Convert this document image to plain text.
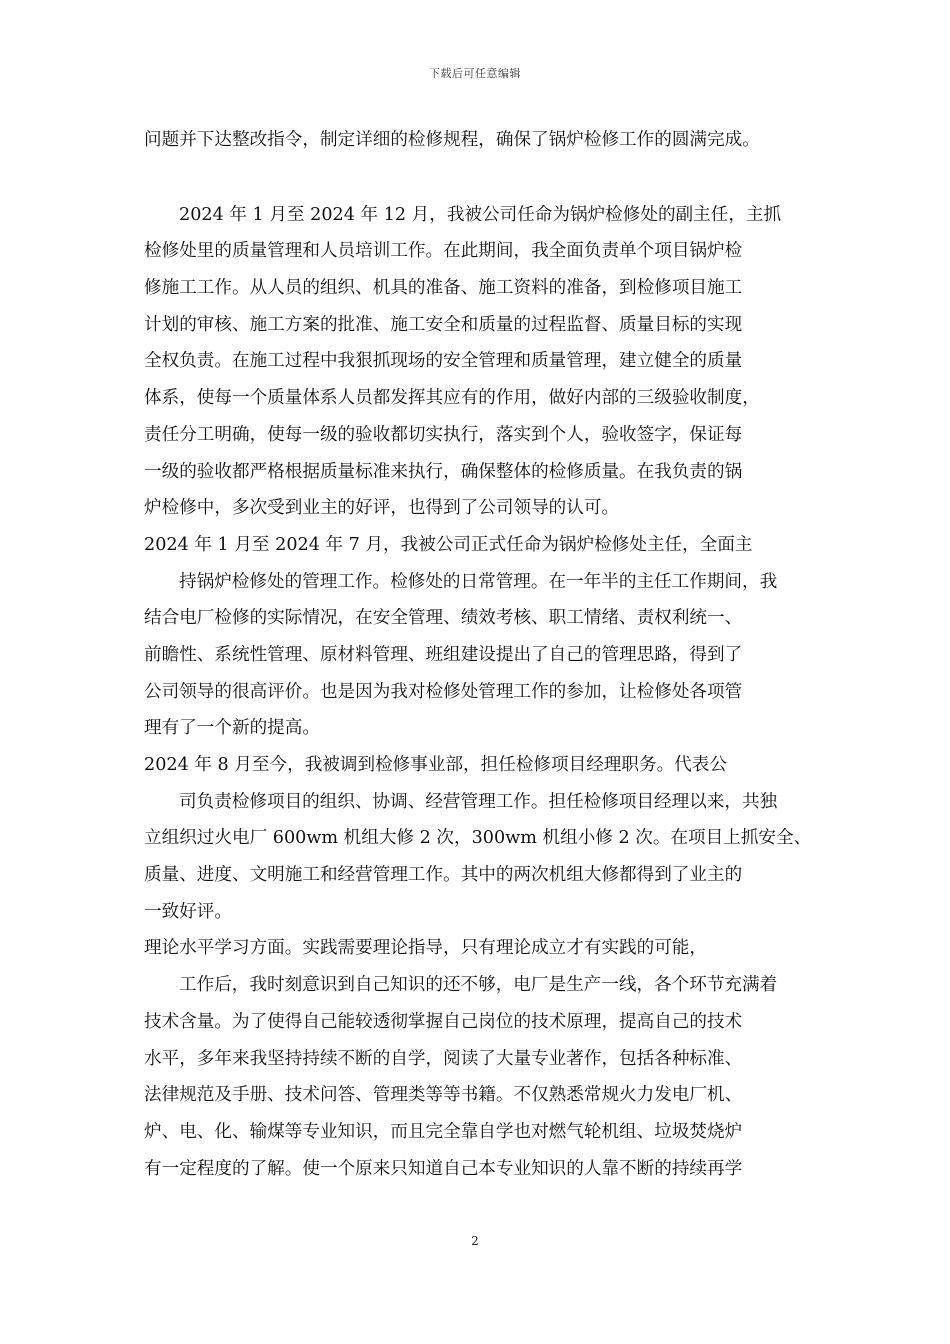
下载后可任意编辑
问题并下达整改指令，制定详细的检修规程，确保了锅炉检修工作的圆满完成。
2024 年 1 月至 2024 年 12 月，我被公司任命为锅炉检修处的副主任，主抓
检修处里的质量管理和人员培训工作。在此期间，我全面负责单个项目锅炉检
修施工工作。从人员的组织、机具的准备、施工资料的准备，到检修项目施工
计划的审核、施工方案的批准、施工安全和质量的过程监督、质量目标的实现
全权负责。在施工过程中我狠抓现场的安全管理和质量管理，建立健全的质量
体系，使每一个质量体系人员都发挥其应有的作用，做好内部的三级验收制度，
责任分工明确，使每一级的验收都切实执行，落实到个人，验收签字，保证每
一级的验收都严格根据质量标准来执行，确保整体的检修质量。在我负责的锅
炉检修中，多次受到业主的好评，也得到了公司领导的认可。
2024 年 1 月至 2024 年 7 月，我被公司正式任命为锅炉检修处主任，全面主
持锅炉检修处的管理工作。检修处的日常管理。在一年半的主任工作期间，我
结合电厂检修的实际情况，在安全管理、绩效考核、职工情绪、责权利统一、
前瞻性、系统性管理、原材料管理、班组建设提出了自己的管理思路，得到了
公司领导的很高评价。也是因为我对检修处管理工作的参加，让检修处各项管
理有了一个新的提高。
2024 年 8 月至今，我被调到检修事业部，担任检修项目经理职务。代表公
司负责检修项目的组织、协调、经营管理工作。担任检修项目经理以来，共独
立组织过火电厂 600wm 机组大修 2 次，300wm 机组小修 2 次。在项目上抓安全、
质量、进度、文明施工和经营管理工作。其中的两次机组大修都得到了业主的
一致好评。
理论水平学习方面。实践需要理论指导，只有理论成立才有实践的可能，
工作后，我时刻意识到自己知识的还不够，电厂是生产一线，各个环节充满着
技术含量。为了使得自己能较透彻掌握自己岗位的技术原理，提高自己的技术
水平，多年来我坚持持续不断的自学，阅读了大量专业著作，包括各种标准、
法律规范及手册、技术问答、管理类等等书籍。不仅熟悉常规火力发电厂机、
炉、电、化、输煤等专业知识，而且完全靠自学也对燃气轮机组、垃圾焚烧炉
有一定程度的了解。使一个原来只知道自己本专业知识的人靠不断的持续再学
2
